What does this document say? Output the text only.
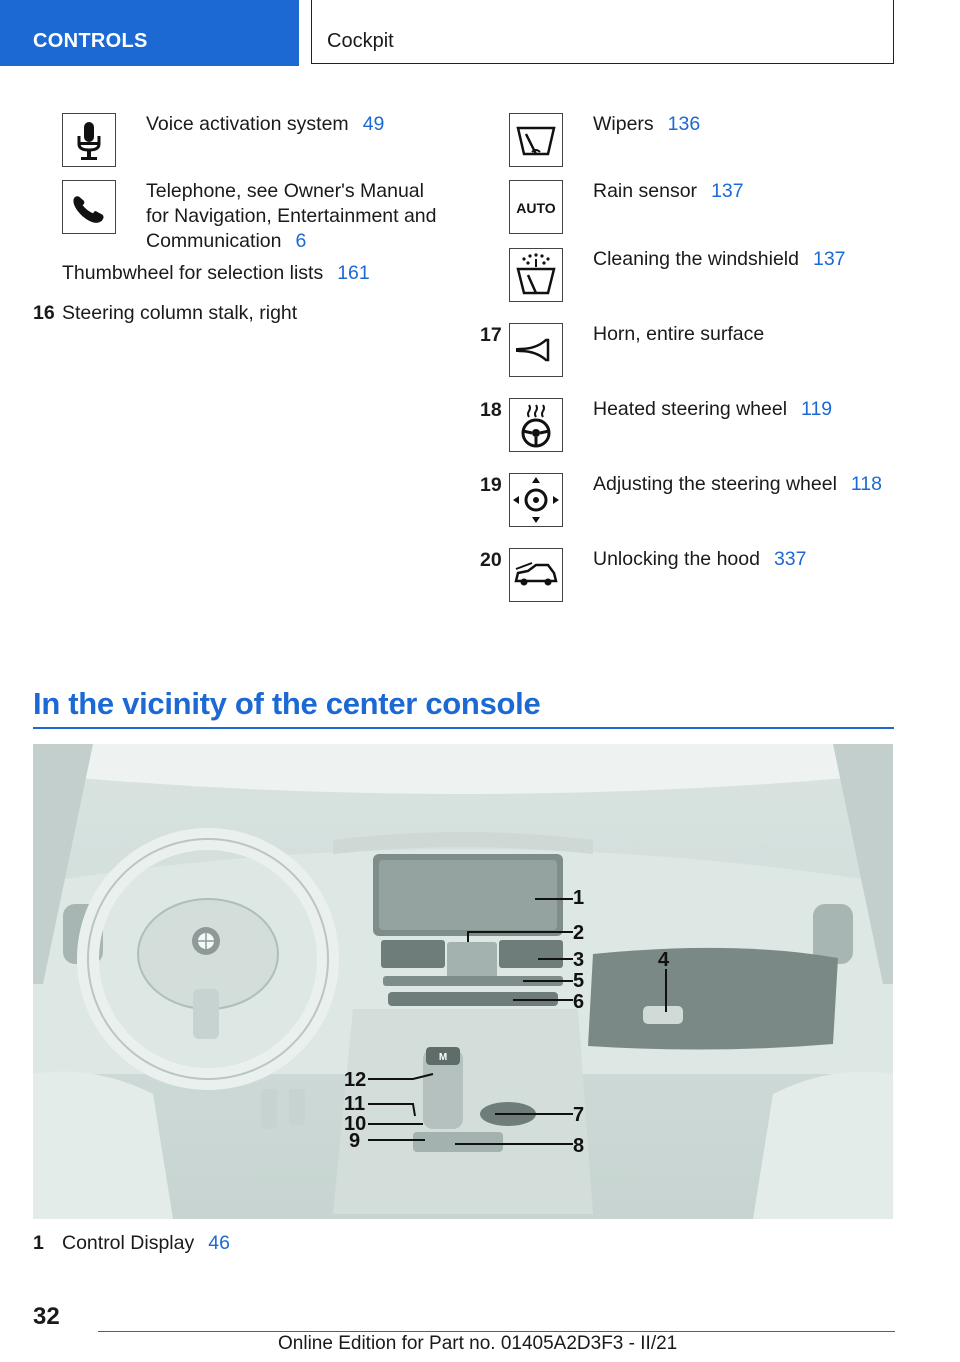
CONTROLS	Cockpit
Voice activation system 49
Telephone, see Owner's Manual
for Navigation, Entertainment and
Communication 6
Thumbwheel for selection lists 161
16 Steering column stalk, right
Wipers 136
AUTO
Rain sensor 137
Cleaning the windshield 137
17	Horn, entire surface
18	Heated steering wheel 119
19	Adjusting the steering wheel 118
20	Unlocking the hood 337
In the vicinity of the center console
M
1
2
3	4
5
6
7
8
9
10
11
12
1 Control Display 46
32
Online Edition for Part no. 01405A2D3F3 - II/21
